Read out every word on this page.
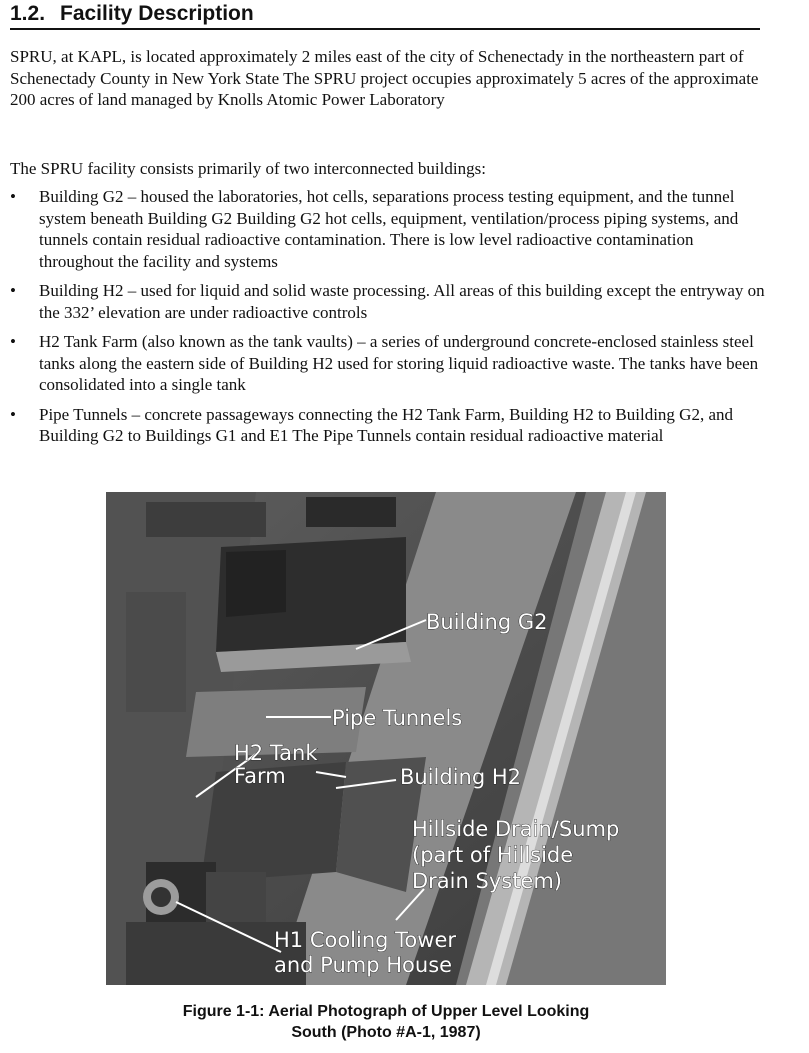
1.2. Facility Description
SPRU, at KAPL, is located approximately 2 miles east of the city of Schenectady in the northeastern part of Schenectady County in New York State The SPRU project occupies approximately 5 acres of the approximate 200 acres of land managed by Knolls Atomic Power Laboratory
The SPRU facility consists primarily of two interconnected buildings:
• Building G2 – housed the laboratories, hot cells, separations process testing equipment, and the tunnel system beneath Building G2 Building G2 hot cells, equipment, ventilation/process piping systems, and tunnels contain residual radioactive contamination. There is low level radioactive contamination throughout the facility and systems
• Building H2 – used for liquid and solid waste processing. All areas of this building except the entryway on the 332’ elevation are under radioactive controls
• H2 Tank Farm (also known as the tank vaults) – a series of underground concrete-enclosed stainless steel tanks along the eastern side of Building H2 used for storing liquid radioactive waste. The tanks have been consolidated into a single tank
• Pipe Tunnels – concrete passageways connecting the H2 Tank Farm, Building H2 to Building G2, and Building G2 to Buildings G1 and E1 The Pipe Tunnels contain residual radioactive material
Building G2
Pipe Tunnels
H2 Tank
Farm	Building H2
Hillside Drain/Sump
(part of Hillside
Drain System)
H1 Cooling Tower
and Pump House
Figure 1-1: Aerial Photograph of Upper Level Looking
South (Photo #A-1, 1987)
